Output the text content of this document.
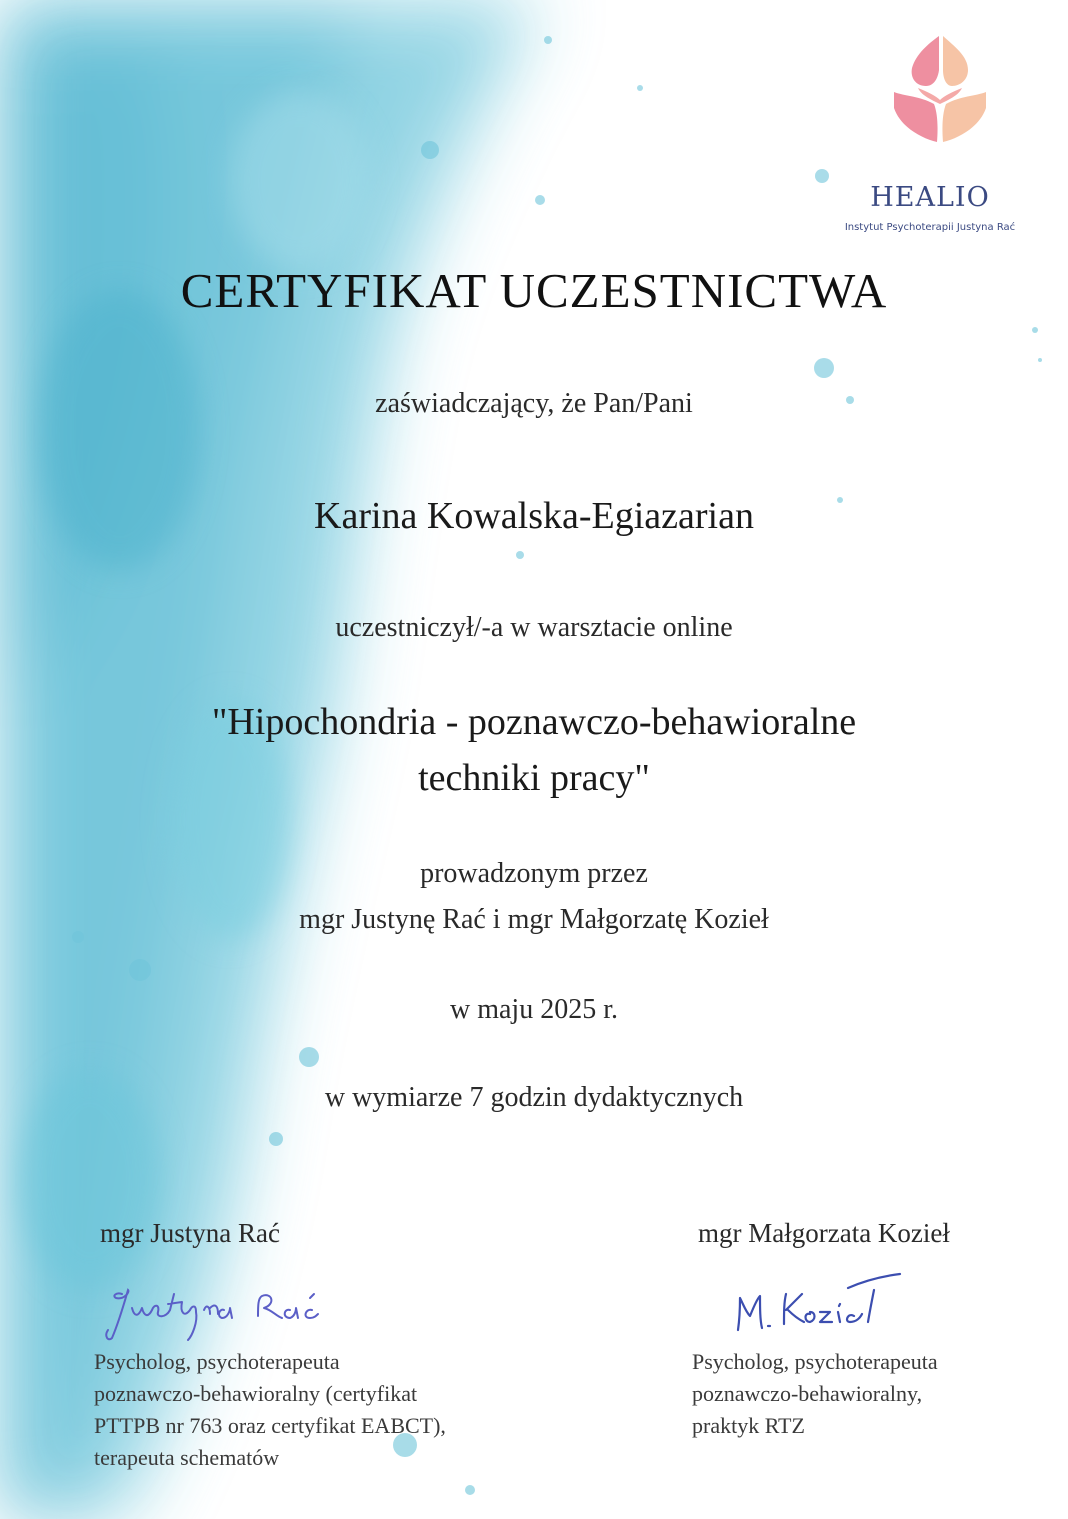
HEALIO
Instytut Psychoterapii Justyna Rać
CERTYFIKAT UCZESTNICTWA
zaświadczający, że Pan/Pani
Karina Kowalska-Egiazarian
uczestniczył/-a w warsztacie online
"Hipochondria - poznawczo-behawioralne
techniki pracy"
prowadzonym przez
mgr Justynę Rać i mgr Małgorzatę Kozieł
w maju 2025 r.
w wymiarze 7 godzin dydaktycznych
mgr Justyna Rać
Psycholog, psychoterapeuta
poznawczo-behawioralny (certyfikat
PTTPB nr 763 oraz certyfikat EABCT),
terapeuta schematów
mgr Małgorzata Kozieł
Psycholog, psychoterapeuta
poznawczo-behawioralny,
praktyk RTZ
